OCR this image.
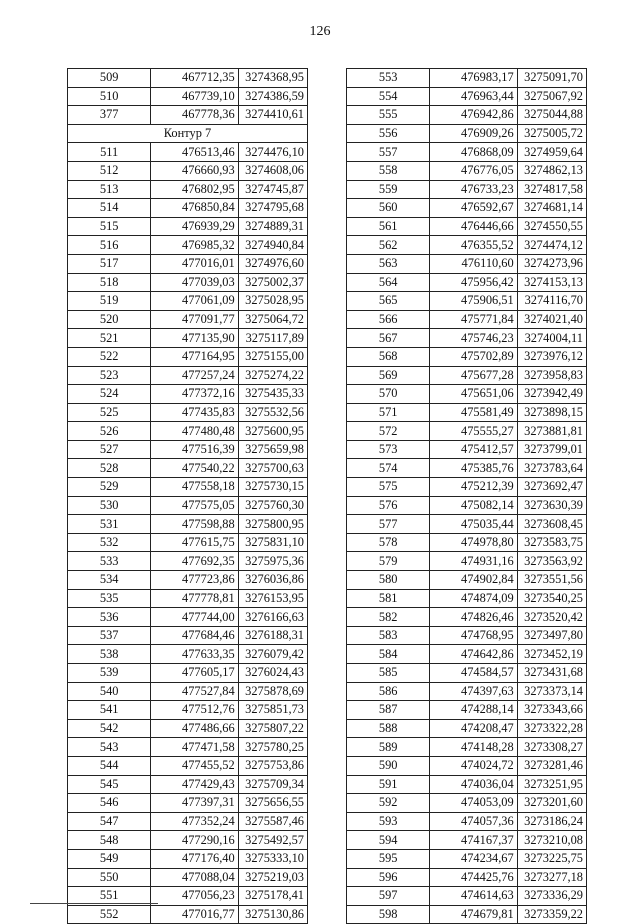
126
509	467712,35	3274368,95
510	467739,10	3274386,59
377	467778,36	3274410,61
Контур 7		
511	476513,46	3274476,10
512	476660,93	3274608,06
513	476802,95	3274745,87
514	476850,84	3274795,68
515	476939,29	3274889,31
516	476985,32	3274940,84
517	477016,01	3274976,60
518	477039,03	3275002,37
519	477061,09	3275028,95
520	477091,77	3275064,72
521	477135,90	3275117,89
522	477164,95	3275155,00
523	477257,24	3275274,22
524	477372,16	3275435,33
525	477435,83	3275532,56
526	477480,48	3275600,95
527	477516,39	3275659,98
528	477540,22	3275700,63
529	477558,18	3275730,15
530	477575,05	3275760,30
531	477598,88	3275800,95
532	477615,75	3275831,10
533	477692,35	3275975,36
534	477723,86	3276036,86
535	477778,81	3276153,95
536	477744,00	3276166,63
537	477684,46	3276188,31
538	477633,35	3276079,42
539	477605,17	3276024,43
540	477527,84	3275878,69
541	477512,76	3275851,73
542	477486,66	3275807,22
543	477471,58	3275780,25
544	477455,52	3275753,86
545	477429,43	3275709,34
546	477397,31	3275656,55
547	477352,24	3275587,46
548	477290,16	3275492,57
549	477176,40	3275333,10
550	477088,04	3275219,03
551	477056,23	3275178,41
552	477016,77	3275130,86
553	476983,17	3275091,70
554	476963,44	3275067,92
555	476942,86	3275044,88
556	476909,26	3275005,72
557	476868,09	3274959,64
558	476776,05	3274862,13
559	476733,23	3274817,58
560	476592,67	3274681,14
561	476446,66	3274550,55
562	476355,52	3274474,12
563	476110,60	3274273,96
564	475956,42	3274153,13
565	475906,51	3274116,70
566	475771,84	3274021,40
567	475746,23	3274004,11
568	475702,89	3273976,12
569	475677,28	3273958,83
570	475651,06	3273942,49
571	475581,49	3273898,15
572	475555,27	3273881,81
573	475412,57	3273799,01
574	475385,76	3273783,64
575	475212,39	3273692,47
576	475082,14	3273630,39
577	475035,44	3273608,45
578	474978,80	3273583,75
579	474931,16	3273563,92
580	474902,84	3273551,56
581	474874,09	3273540,25
582	474826,46	3273520,42
583	474768,95	3273497,80
584	474642,86	3273452,19
585	474584,57	3273431,68
586	474397,63	3273373,14
587	474288,14	3273343,66
588	474208,47	3273322,28
589	474148,28	3273308,27
590	474024,72	3273281,46
591	474036,04	3273251,95
592	474053,09	3273201,60
593	474057,36	3273186,24
594	474167,37	3273210,08
595	474234,67	3273225,75
596	474425,76	3273277,18
597	474614,63	3273336,29
598	474679,81	3273359,22
